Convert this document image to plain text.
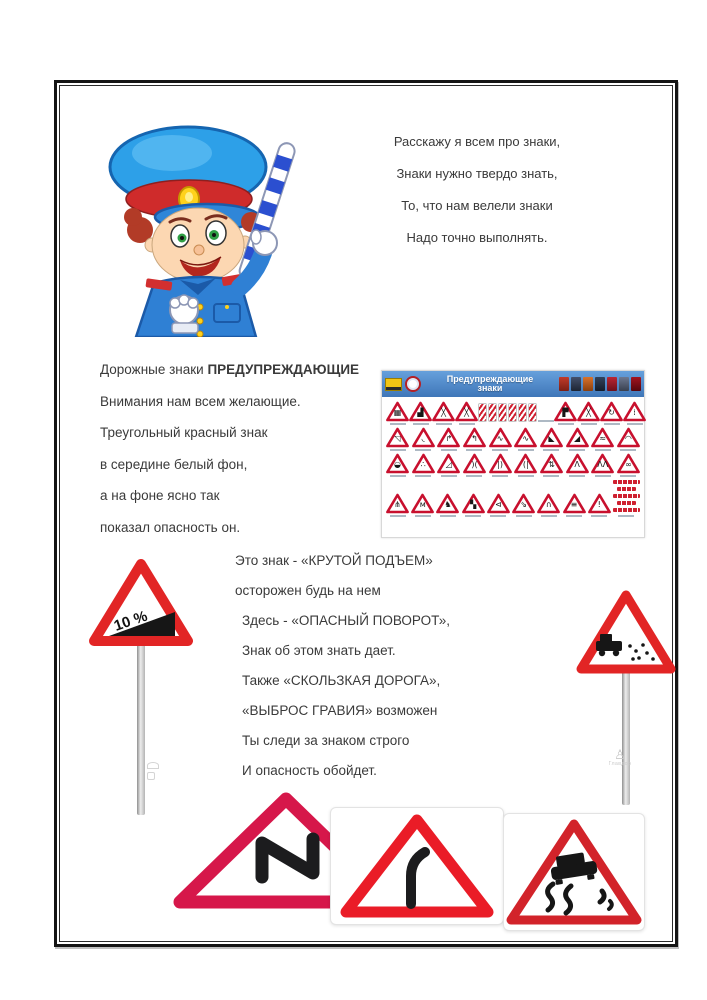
Расскажу я всем про знаки,

Знаки нужно твердо знать,

То, что нам велели знаки

Надо точно выполнять.

Дорожные знаки ПРЕДУПРЕЖДАЮЩИЕ

Внимания нам всем желающие.

Треугольный красный знак

в середине белый фон,

а на фоне ясно так

показал опасность он.

Предупреждающие
знаки
▦	▟	╳	╳	▛	╳	↻	⁞
◹	◟	↱	↰	∿	∿	◣	◢	≈	◠
◒	∴	◿	)(	|)	(|	⇅	Ʌ	ɅɅ	∞
⋔	м	♞	▚	⊲	⇘	∩	≡	!

Это знак - «КРУТОЙ ПОДЪЕМ»

осторожен будь на нем

Здесь - «ОПАСНЫЙ ПОВОРОТ»,

Знак об этом знать дает.

Также «СКОЛЬЗКАЯ ДОРОГА»,

«ВЫБРОС ГРАВИЯ» возможен

Ты следи за знаком строго

И опасность обойдет.

10 %
♙
Главдор
